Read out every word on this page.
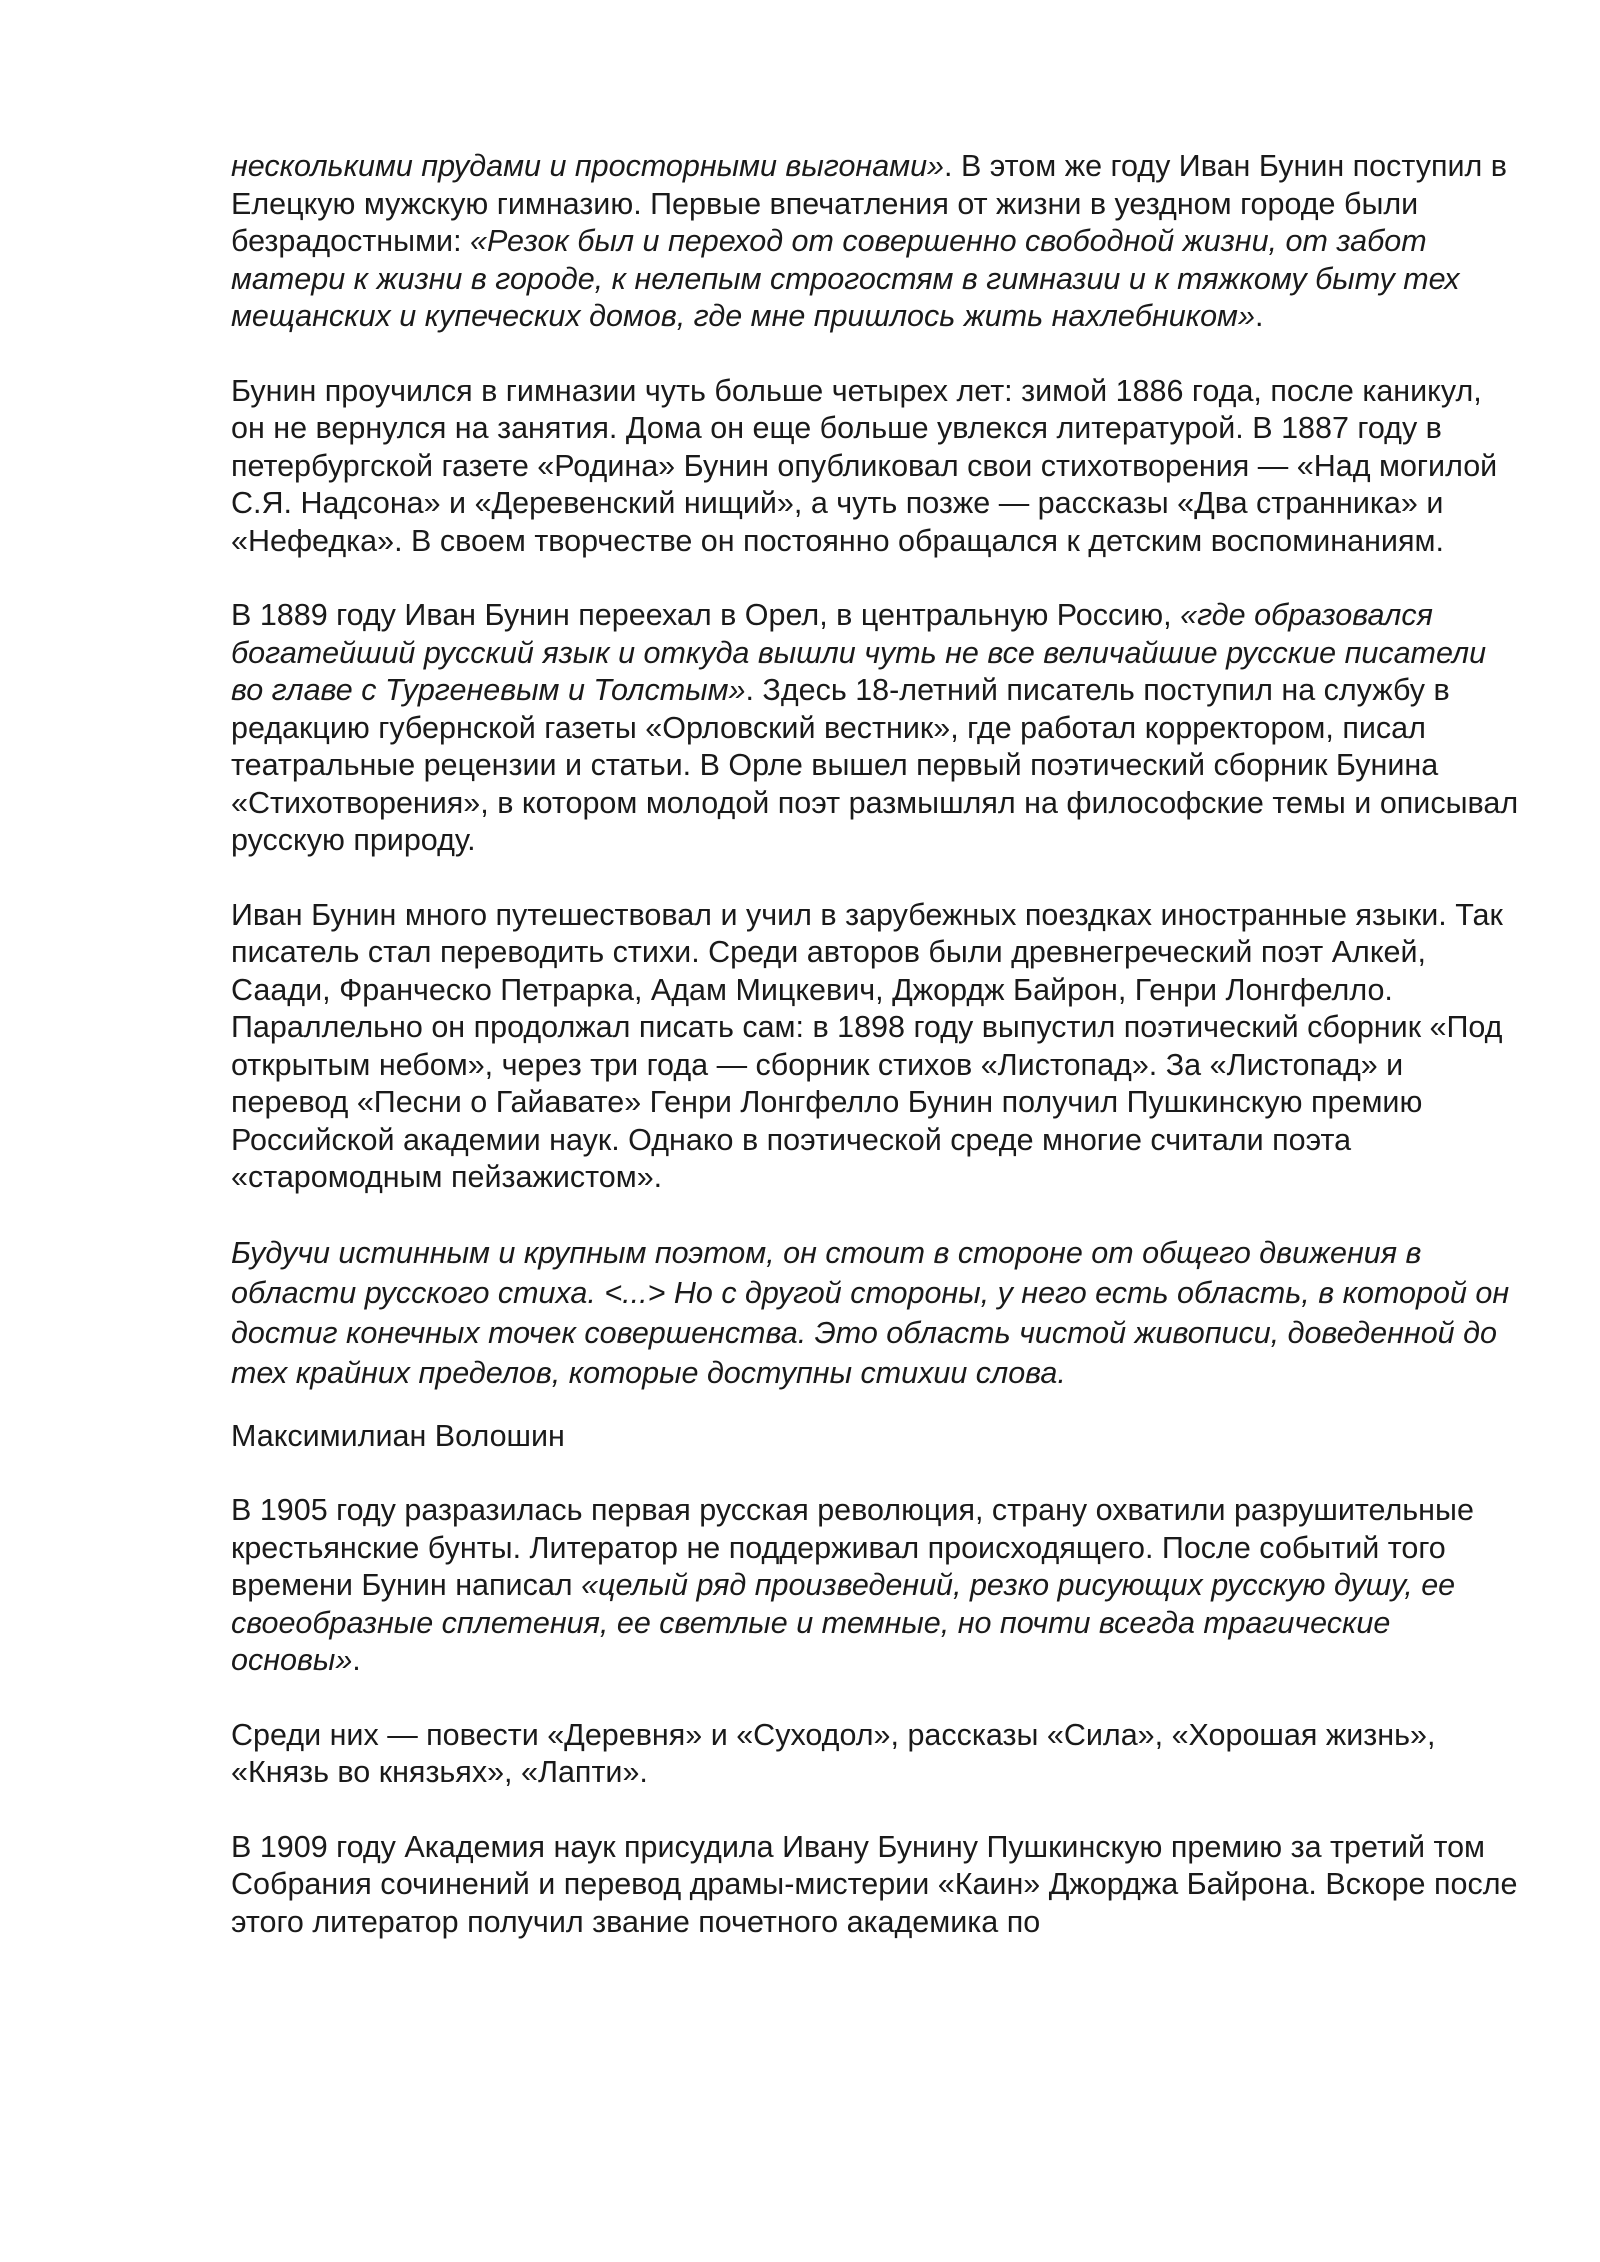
несколькими прудами и просторными выгонами». В этом же году Иван Бунин поступил в Елецкую мужскую гимназию. Первые впечатления от жизни в уездном городе были безрадостными: «Резок был и переход от совершенно свободной жизни, от забот матери к жизни в городе, к нелепым строгостям в гимназии и к тяжкому быту тех мещанских и купеческих домов, где мне пришлось жить нахлебником».

Бунин проучился в гимназии чуть больше четырех лет: зимой 1886 года, после каникул, он не вернулся на занятия. Дома он еще больше увлекся литературой. В 1887 году в петербургской газете «Родина» Бунин опубликовал свои стихотворения — «Над могилой С.Я. Надсона» и «Деревенский нищий», а чуть позже — рассказы «Два странника» и «Нефедка». В своем творчестве он постоянно обращался к детским воспоминаниям.

В 1889 году Иван Бунин переехал в Орел, в центральную Россию, «где образовался богатейший русский язык и откуда вышли чуть не все величайшие русские писатели во главе с Тургеневым и Толстым». Здесь 18-летний писатель поступил на службу в редакцию губернской газеты «Орловский вестник», где работал корректором, писал театральные рецензии и статьи. В Орле вышел первый поэтический сборник Бунина «Стихотворения», в котором молодой поэт размышлял на философские темы и описывал русскую природу.

Иван Бунин много путешествовал и учил в зарубежных поездках иностранные языки. Так писатель стал переводить стихи. Среди авторов были древнегреческий поэт Алкей, Саади, Франческо Петрарка, Адам Мицкевич, Джордж Байрон, Генри Лонгфелло. Параллельно он продолжал писать сам: в 1898 году выпустил поэтический сборник «Под открытым небом», через три года — сборник стихов «Листопад». За «Листопад» и перевод «Песни о Гайавате» Генри Лонгфелло Бунин получил Пушкинскую премию Российской академии наук. Однако в поэтической среде многие считали поэта «старомодным пейзажистом».

Будучи истинным и крупным поэтом, он стоит в стороне от общего движения в области русского стиха. <...> Но с другой стороны, у него есть область, в которой он достиг конечных точек совершенства. Это область чистой живописи, доведенной до тех крайних пределов, которые доступны стихии слова.

Максимилиан Волошин

В 1905 году разразилась первая русская революция, страну охватили разрушительные крестьянские бунты. Литератор не поддерживал происходящего. После событий того времени Бунин написал «целый ряд произведений, резко рисующих русскую душу, ее своеобразные сплетения, ее светлые и темные, но почти всегда трагические основы».

Среди них — повести «Деревня» и «Суходол», рассказы «Сила», «Хорошая жизнь», «Князь во князьях», «Лапти».

В 1909 году Академия наук присудила Ивану Бунину Пушкинскую премию за третий том Собрания сочинений и перевод драмы-мистерии «Каин» Джорджа Байрона. Вскоре после этого литератор получил звание почетного академика по
